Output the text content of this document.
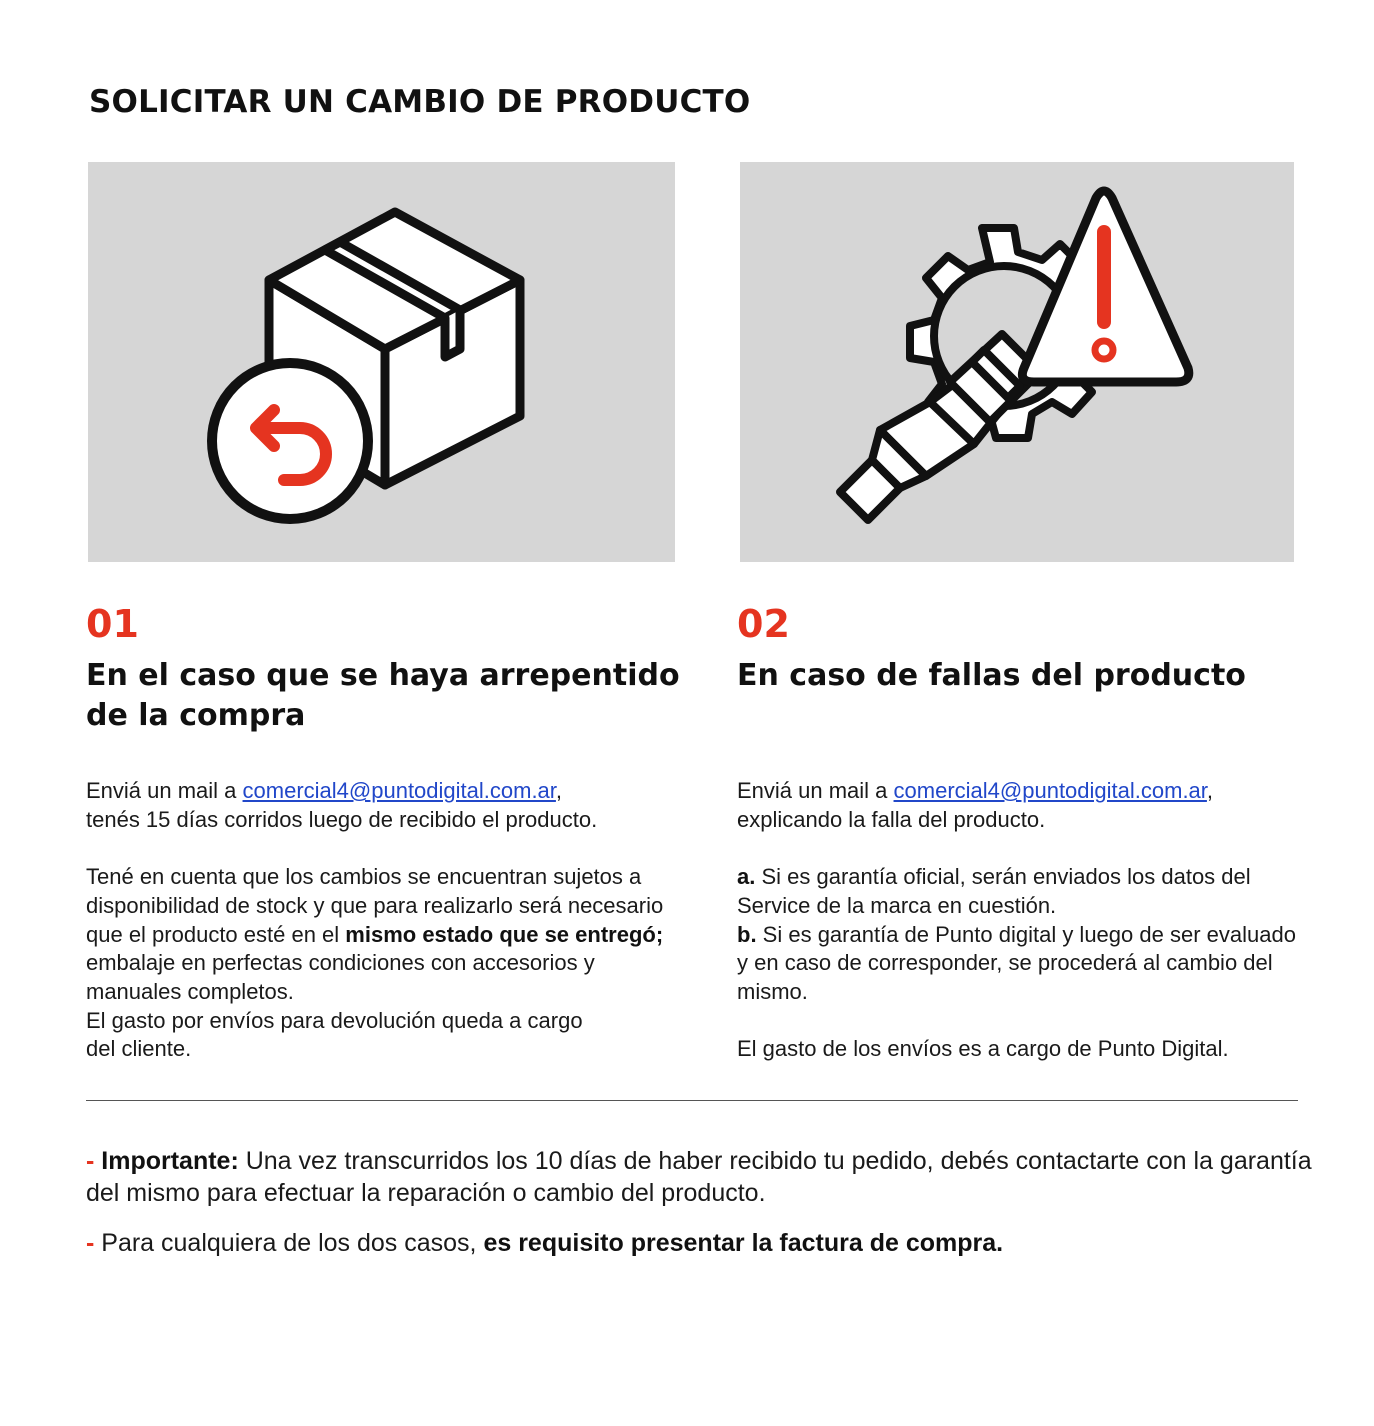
SOLICITAR UN CAMBIO DE PRODUCTO
01
En el caso que se haya arrepentido
de la compra

Enviá un mail a comercial4@puntodigital.com.ar,
tenés 15 días corridos luego de recibido el producto.

Tené en cuenta que los cambios se encuentran sujetos a disponibilidad de stock y que para realizarlo será necesario que el producto esté en el mismo estado que se entregó; embalaje en perfectas condiciones con accesorios y manuales completos.
El gasto por envíos para devolución queda a cargo
del cliente.

02
En caso de fallas del producto

Enviá un mail a comercial4@puntodigital.com.ar,
explicando la falla del producto.

a. Si es garantía oficial, serán enviados los datos del Service de la marca en cuestión.
b. Si es garantía de Punto digital y luego de ser evaluado y en caso de corresponder, se procederá al cambio del mismo.

El gasto de los envíos es a cargo de Punto Digital.

- Importante: Una vez transcurridos los 10 días de haber recibido tu pedido, debés contactarte con la garantía del mismo para efectuar la reparación o cambio del producto.

- Para cualquiera de los dos casos, es requisito presentar la factura de compra.
